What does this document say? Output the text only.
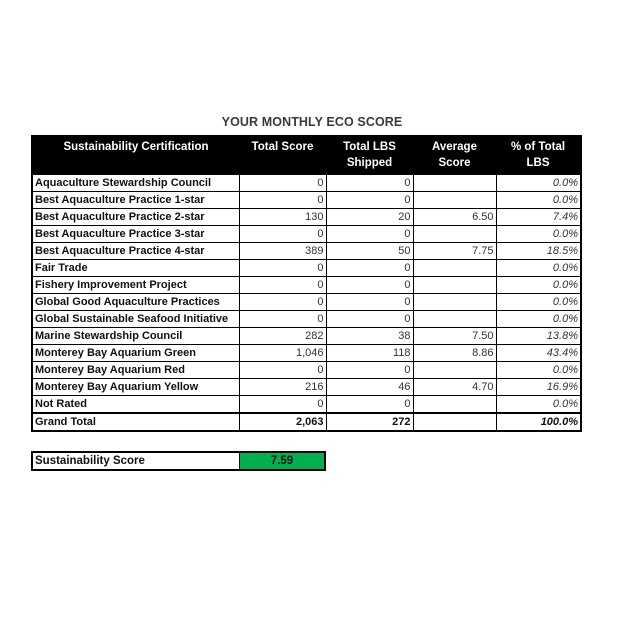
YOUR MONTHLY ECO SCORE
Sustainability Certification	Total Score	Total LBS Shipped	Average Score	% of Total LBS
Aquaculture Stewardship Council	0	0		0.0%
Best Aquaculture Practice 1-star	0	0		0.0%
Best Aquaculture Practice 2-star	130	20	6.50	7.4%
Best Aquaculture Practice 3-star	0	0		0.0%
Best Aquaculture Practice 4-star	389	50	7.75	18.5%
Fair Trade	0	0		0.0%
Fishery Improvement Project	0	0		0.0%
Global Good Aquaculture Practices	0	0		0.0%
Global Sustainable Seafood Initiative	0	0		0.0%
Marine Stewardship Council	282	38	7.50	13.8%
Monterey Bay Aquarium Green	1,046	118	8.86	43.4%
Monterey Bay Aquarium Red	0	0		0.0%
Monterey Bay Aquarium Yellow	216	46	4.70	16.9%
Not Rated	0	0		0.0%
Grand Total	2,063	272		100.0%
Sustainability Score	7.59
